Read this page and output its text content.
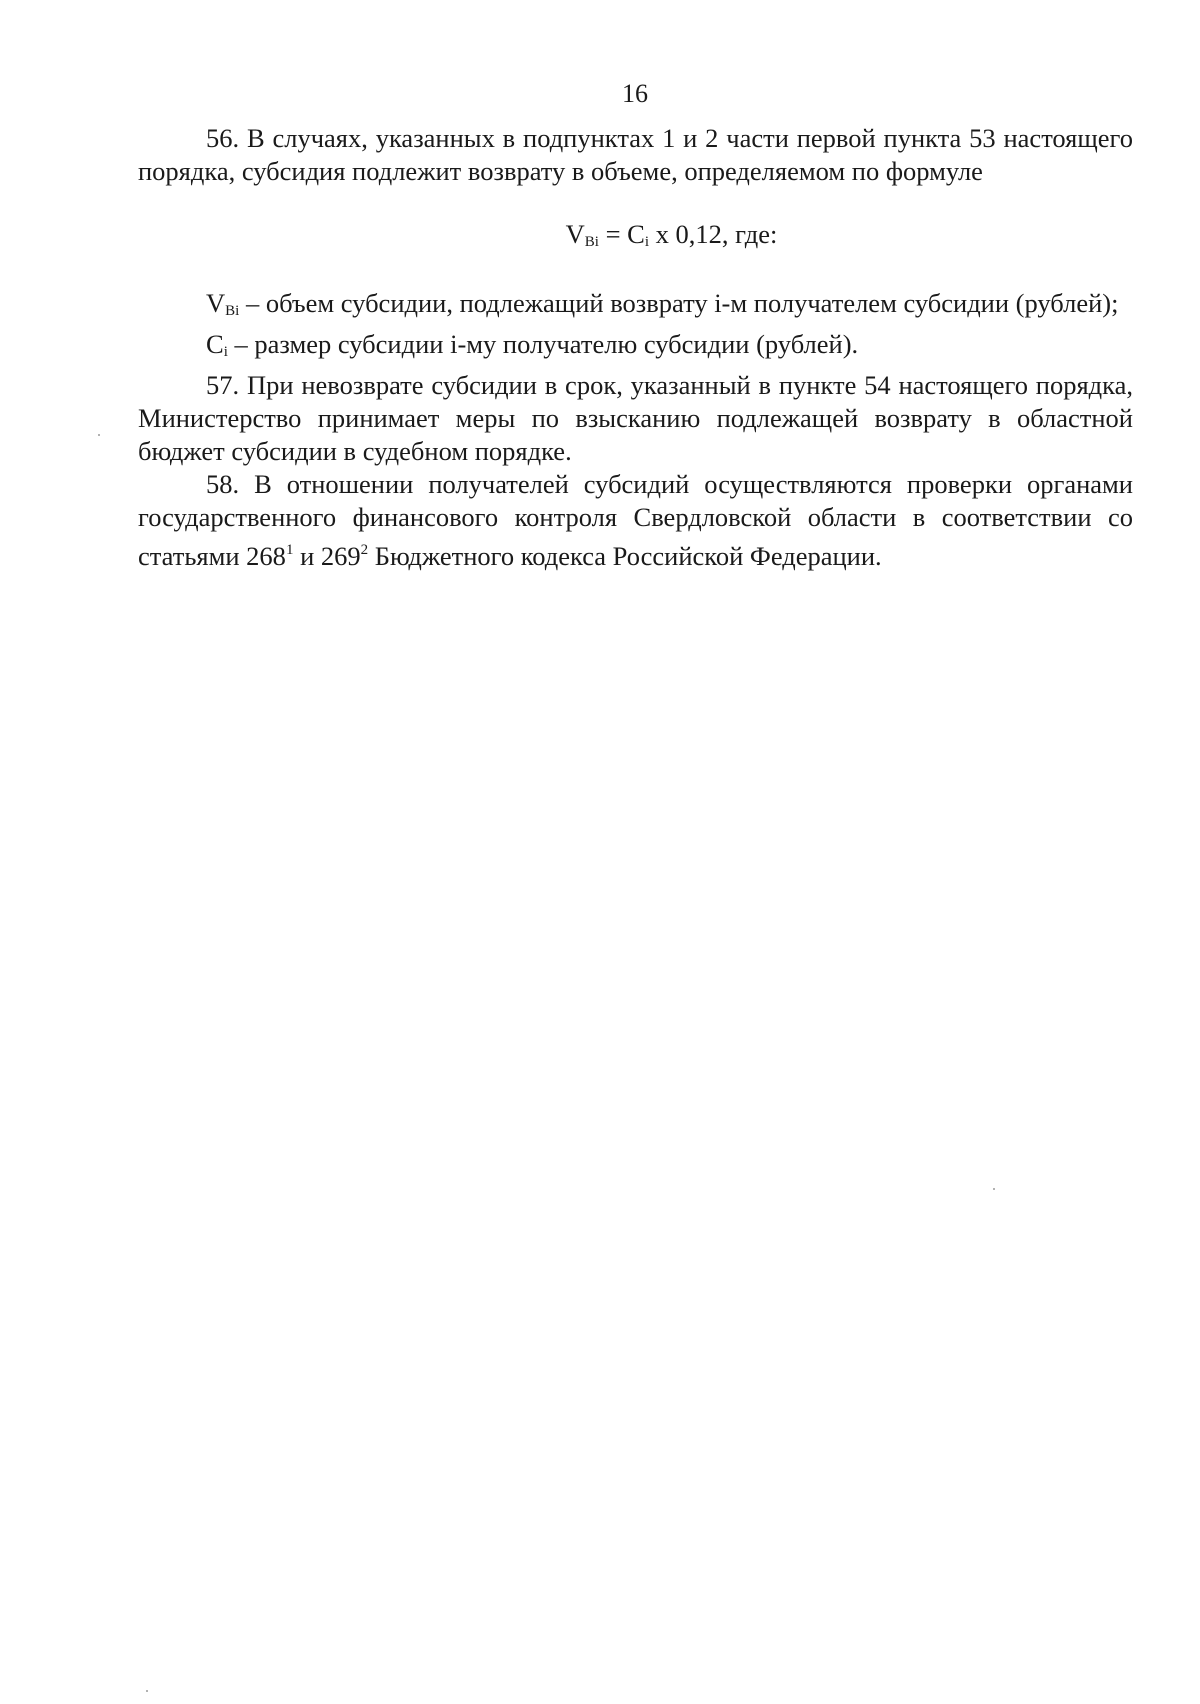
16

56. В случаях, указанных в подпунктах 1 и 2 части первой пункта 53 настоящего порядка, субсидия подлежит возврату в объеме, определяемом по формуле

$V_{Bi} = C_i$ x 0,12, где:

$V_{Bi}$ – объем субсидии, подлежащий возврату i-м получателем субсидии (рублей);

$C_i$ – размер субсидии i-му получателю субсидии (рублей).

57. При невозврате субсидии в срок, указанный в пункте 54 настоящего порядка, Министерство принимает меры по взысканию подлежащей возврату в областной бюджет субсидии в судебном порядке.

58. В отношении получателей субсидий осуществляются проверки органами государственного финансового контроля Свердловской области в соответствии со статьями $268^1$ и $269^2$ Бюджетного кодекса Российской Федерации.
